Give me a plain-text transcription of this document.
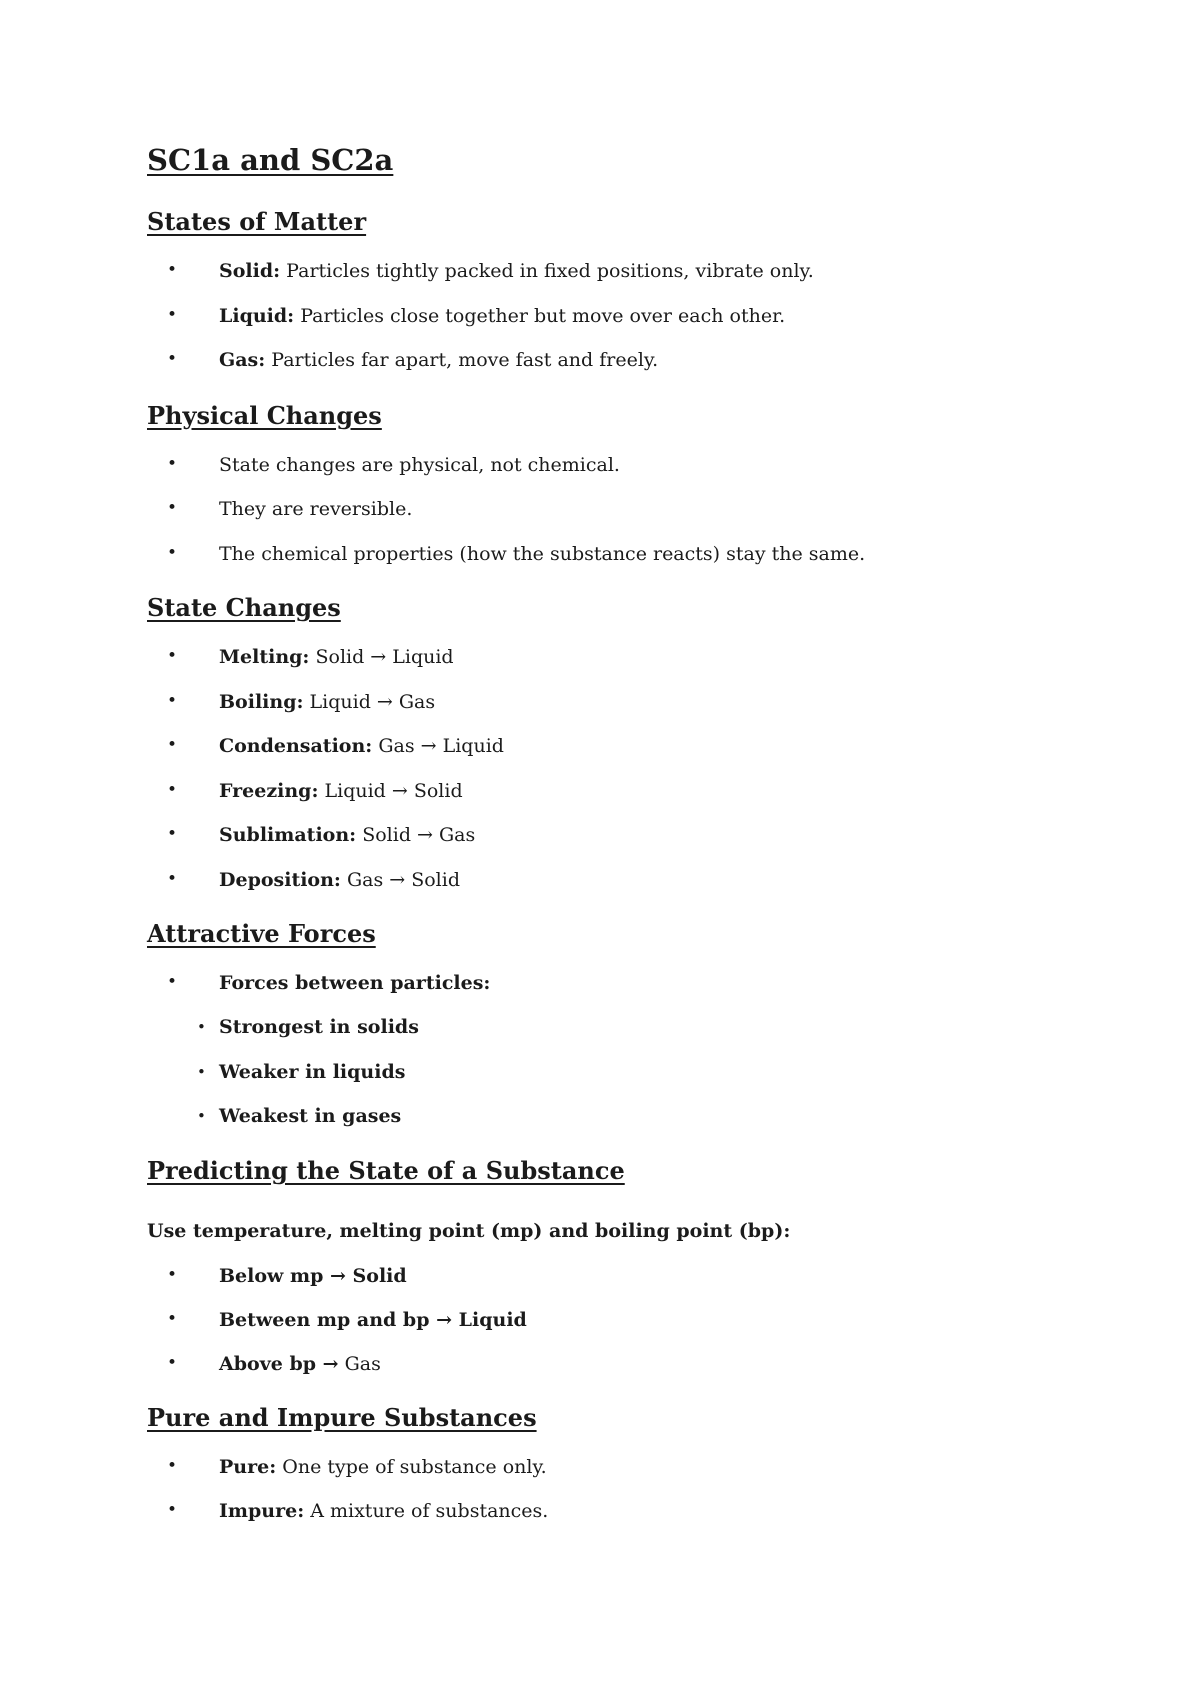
SC1a and SC2a
States of Matter
• Solid: Particles tightly packed in fixed positions, vibrate only.
• Liquid: Particles close together but move over each other.
• Gas: Particles far apart, move fast and freely.
Physical Changes
• State changes are physical, not chemical.
• They are reversible.
• The chemical properties (how the substance reacts) stay the same.
State Changes
• Melting: Solid → Liquid
• Boiling: Liquid → Gas
• Condensation: Gas → Liquid
• Freezing: Liquid → Solid
• Sublimation: Solid → Gas
• Deposition: Gas → Solid
Attractive Forces
• Forces between particles:
• Strongest in solids
• Weaker in liquids
• Weakest in gases
Predicting the State of a Substance
Use temperature, melting point (mp) and boiling point (bp):
• Below mp → Solid
• Between mp and bp → Liquid
• Above bp → Gas
Pure and Impure Substances
• Pure: One type of substance only.
• Impure: A mixture of substances.
